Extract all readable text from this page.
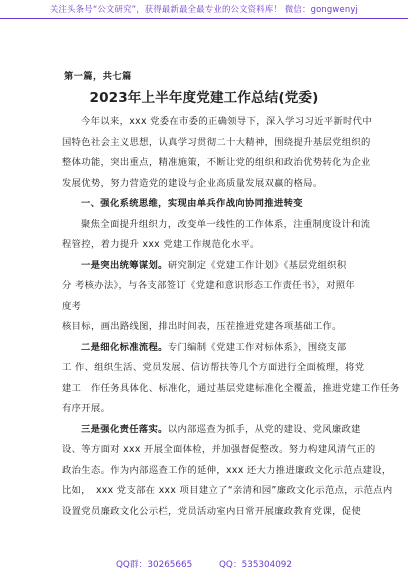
关注头条号“公文研究”，获得最新最全最专业的公文资料库！ 微信：gongwenyj
第一篇，共七篇
2023年上半年度党建工作总结(党委)
今年以来，xxx 党委在市委的正确领导下，深入学习习近平新时代中
国特色社会主义思想，认真学习贯彻二十大精神，围绕提升基层党组织的
整体功能，突出重点，精准施策，不断让党的组织和政治优势转化为企业
发展优势，努力营造党的建设与企业高质量发展双赢的格局。
一、强化系统思维，实现由单兵作战向协同推进转变
聚焦全面提升组织力，改变单一线性的工作体系，注重制度设计和流
程管控，着力提升 xxx 党建工作规范化水平。
一是突出统筹谋划。研究制定《党建工作计划》《基层党组织积
分 考核办法》，与各支部签订《党建和意识形态工作责任书》，对照年
度考
核目标，画出路线图，排出时间表，压茬推进党建各项基础工作。
二是细化标准流程。专门编制《党建工作对标体系》，围绕支部
工 作、组织生活、党员发展、信访帮扶等几个方面进行全面梳理，将党
建工　作任务具体化、标准化，通过基层党建标准化全覆盖，推进党建工作任务
有序开展。
三是强化责任落实。以内部巡查为抓手，从党的建设、党风廉政建
设、等方面对 xxx 开展全面体检，并加强督促整改。努力构建风清气正的
政治生态。作为内部巡查工作的延伸，xxx 还大力推进廉政文化示范点建设，
比如，　xxx 党支部在 xxx 项目建立了“亲清和园”廉政文化示范点，示范点内
设置党员廉政文化公示栏，党员活动室内日常开展廉政教育党课，促使
QQ群：30265665	QQ：535304092
